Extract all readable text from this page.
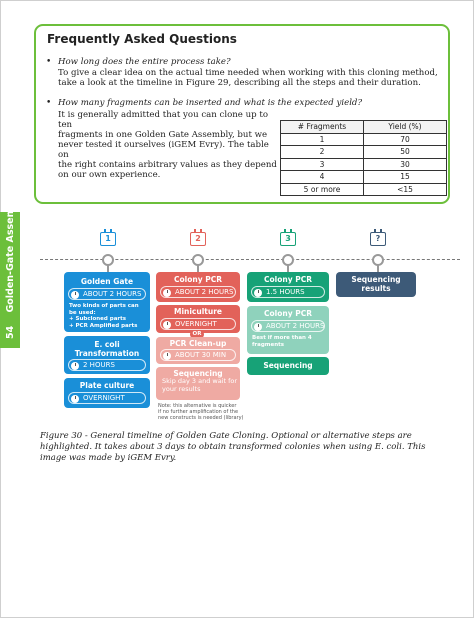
54    Golden-Gate Assembly
Frequently Asked Questions
• How long does the entire process take?
To give a clear idea on the actual time needed when working with this cloning method,
take a look at the timeline in Figure 29, describing all the steps and their duration.
• How many fragments can be inserted and what is the expected yield?
It is generally admitted that you can clone up to ten
fragments in one Golden Gate Assembly, but we
never tested it ourselves (iGEM Evry). The table on
the right contains arbitrary values as they depend
on our own experience.
# Fragments	Yield (%)
1	70
2	50
3	30
4	15
5 or more	<15
1	2	3	?
Golden Gate
ABOUT 2 HOURS
Two kinds of parts can
be used:
+ Subcloned parts
+ PCR Amplified parts
E. coli
Transformation
2 HOURS
Plate culture
OVERNIGHT
Colony PCR
ABOUT 2 HOURS
Miniculture
OVERNIGHT
OR
PCR Clean-up
ABOUT 30 MIN
Sequencing
Skip day 3 and wait for
your results
Note: this alternative is quicker
if no further amplification of the
new constructs is needed (library)
Colony PCR
1.5 HOURS
Colony PCR
ABOUT 2 HOURS
Best if more than 4
fragments
Sequencing
Sequencing
results
Figure 30 - General timeline of Golden Gate Cloning. Optional or alternative steps are highlighted. It takes about 3 days to obtain transformed colonies when using E. coli. This image was made by iGEM Evry.
